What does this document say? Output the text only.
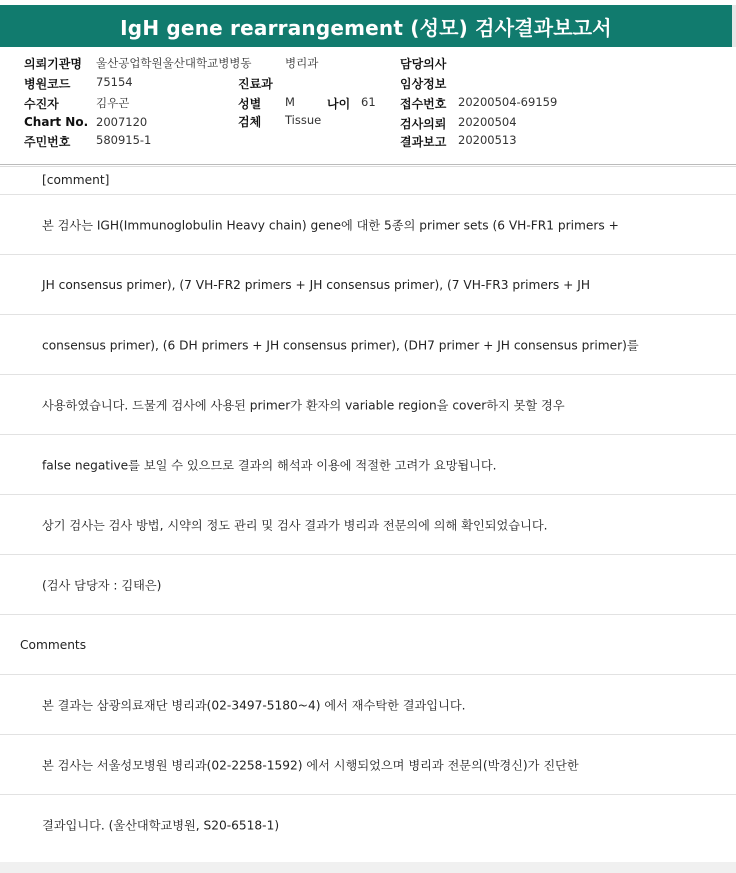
IgH gene rearrangement (성모) 검사결과보고서
의뢰기관명 울산공업학원울산대학교병병동	병리과	담당의사
병원코드 75154	진료과	임상정보
수진자	김우곤	성별 M	나이 61 접수번호 20200504-69159
Chart No. 2007120	검체 Tissue	검사의뢰 20200504
주민번호 580915-1	결과보고 20200513
[comment]
본 검사는 IGH(Immunoglobulin Heavy chain) gene에 대한 5종의 primer sets (6 VH-FR1 primers +
JH consensus primer), (7 VH-FR2 primers + JH consensus primer), (7 VH-FR3 primers + JH
consensus primer), (6 DH primers + JH consensus primer), (DH7 primer + JH consensus primer)를
사용하였습니다. 드물게 검사에 사용된 primer가 환자의 variable region을 cover하지 못할 경우
false negative를 보일 수 있으므로 결과의 해석과 이용에 적절한 고려가 요망됩니다.
상기 검사는 검사 방법, 시약의 정도 관리 및 검사 결과가 병리과 전문의에 의해 확인되었습니다.
(검사 담당자 : 김태은)
Comments
본 결과는 삼광의료재단 병리과(02-3497-5180~4) 에서 재수탁한 결과입니다.
본 검사는 서울성모병원 병리과(02-2258-1592) 에서 시행되었으며 병리과 전문의(박경신)가 진단한
결과입니다. (울산대학교병원, S20-6518-1)
